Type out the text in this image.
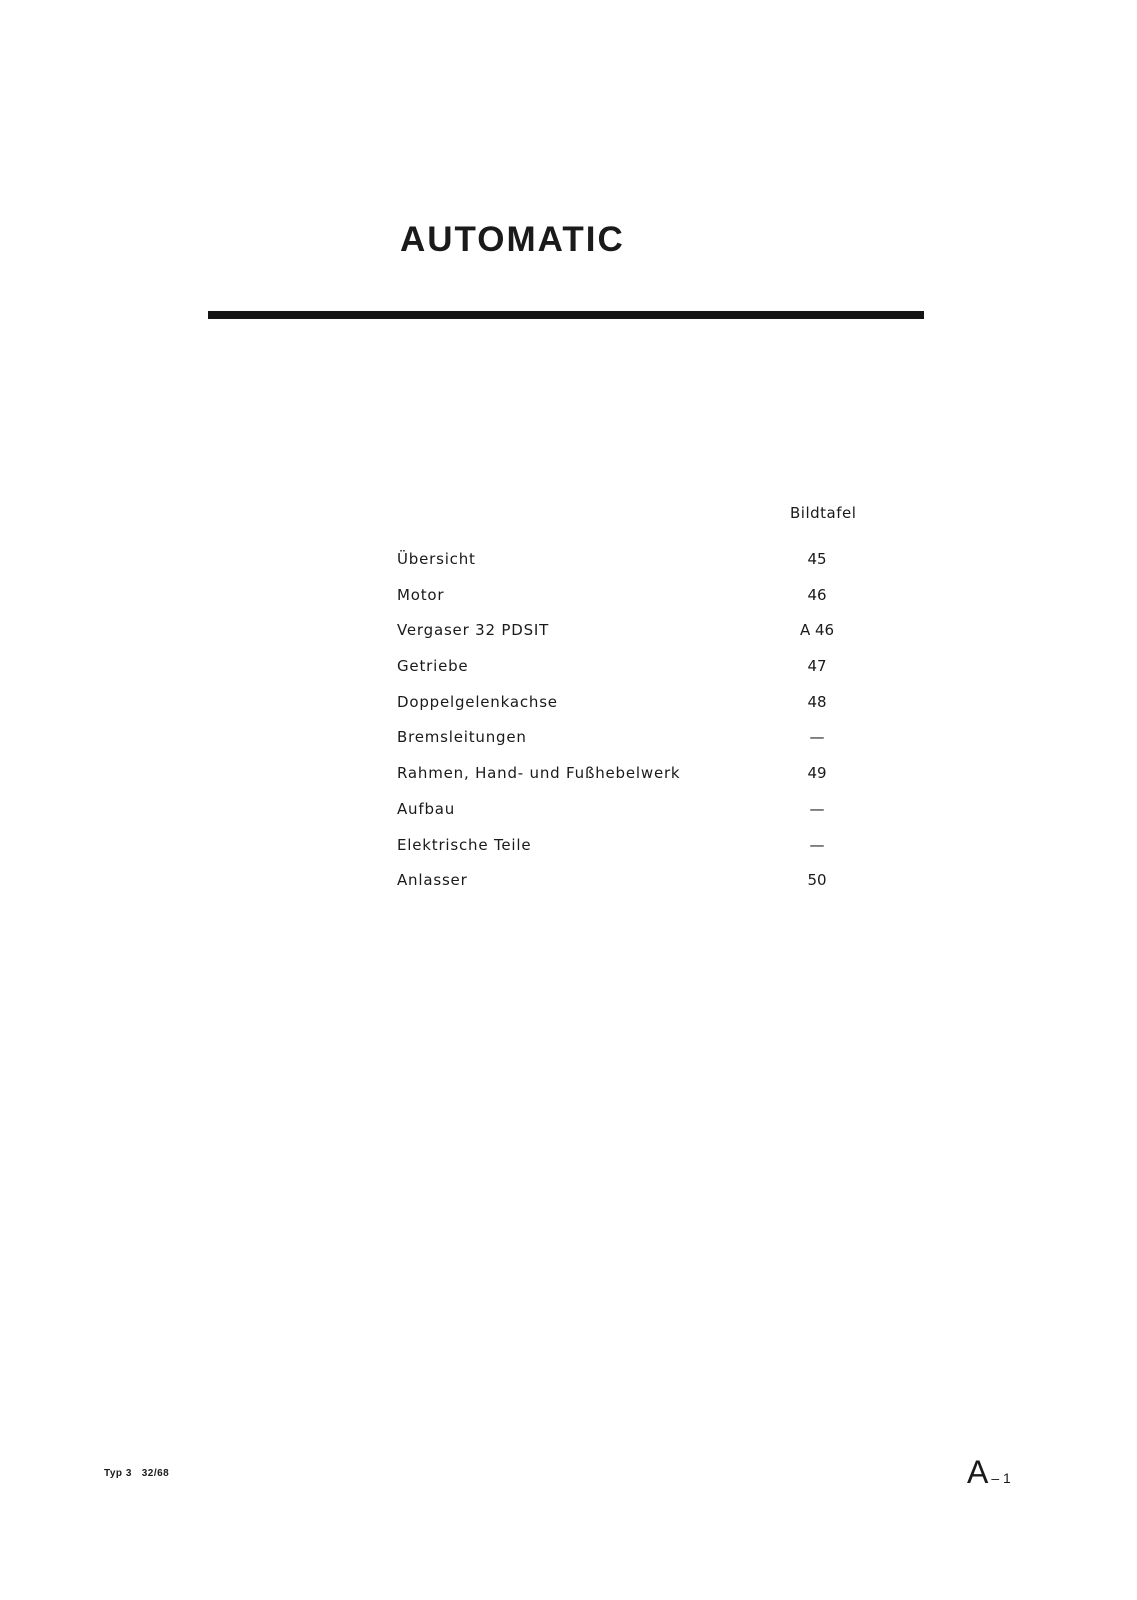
AUTOMATIC
Bildtafel
Übersicht	45
Motor	46
Vergaser 32 PDSIT	A 46
Getriebe	47
Doppelgelenkachse	48
Bremsleitungen	—
Rahmen, Hand- und Fußhebelwerk	49
Aufbau	—
Elektrische Teile	—
Anlasser	50
Typ 3   32/68	A – 1
